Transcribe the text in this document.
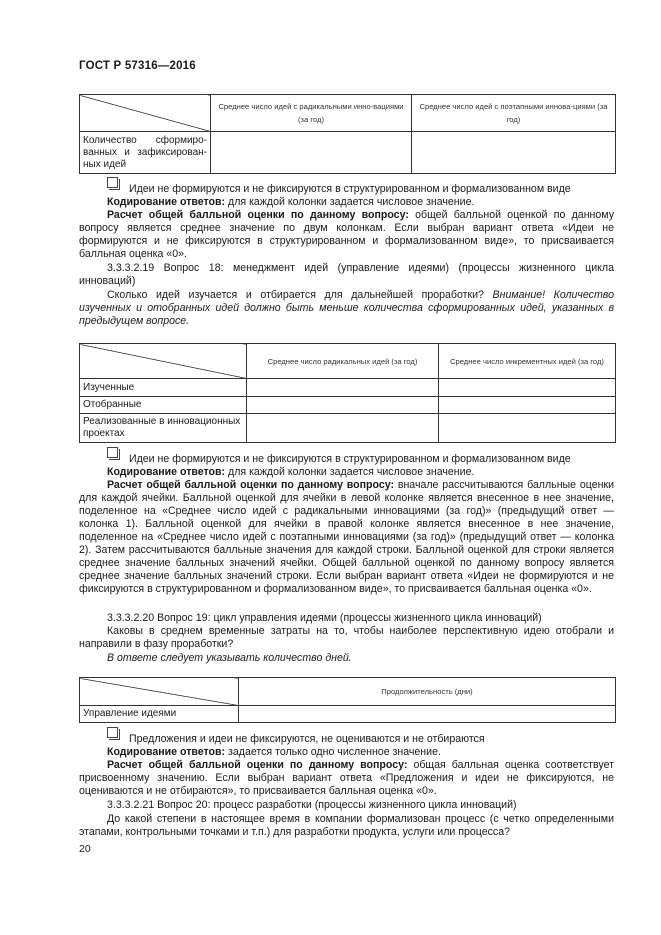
ГОСТ Р 57316—2016
	Среднее число идей с радикальными инно-вациями (за год)	Среднее число идей с поэтапными иннова-циями (за год)
Количество сформиро-ванных и зафиксирован-ных идей		
Идеи не формируются и не фиксируются в структурированном и формализованном виде

Кодирование ответов: для каждой колонки задается числовое значение.

Расчет общей балльной оценки по данному вопросу: общей балльной оценкой по данному вопросу является среднее значение по двум колонкам. Если выбран вариант ответа «Идеи не формируются и не фиксируются в структурированном и формализованном виде», то присваивается балльная оценка «0».

3.3.3.2.19 Вопрос 18: менеджмент идей (управление идеями) (процессы жизненного цикла инноваций)

Сколько идей изучается и отбирается для дальнейшей проработки? Внимание! Количество изученных и отобранных идей должно быть меньше количества сформированных идей, указанных в предыдущем вопросе.

	Среднее число радикальных идей (за год)	Среднее число инкрементных идей (за год)
Изученные		
Отобранные		
Реализованные в инновационных проектах		
Идеи не формируются и не фиксируются в структурированном и формализованном виде

Кодирование ответов: для каждой колонки задается числовое значение.

Расчет общей балльной оценки по данному вопросу: вначале рассчитываются балльные оценки для каждой ячейки. Балльной оценкой для ячейки в левой колонке является внесенное в нее значение, поделенное на «Среднее число идей с радикальными инновациями (за год)» (предыдущий ответ — колонка 1). Балльной оценкой для ячейки в правой колонке является внесенное в нее значение, поделенное на «Среднее число идей с поэтапными инновациями (за год)» (предыдущий ответ — колонка 2). Затем рассчитываются балльные значения для каждой строки. Балльной оценкой для строки является среднее значение балльных значений ячейки. Общей балльной оценкой по данному вопросу является среднее значение балльных значений строки. Если выбран вариант ответа «Идеи не формируются и не фиксируются в структурированном и формализованном виде», то присваивается балльная оценка «0».

3.3.3.2.20 Вопрос 19: цикл управления идеями (процессы жизненного цикла инноваций)

Каковы в среднем временные затраты на то, чтобы наиболее перспективную идею отобрали и направили в фазу проработки?

В ответе следует указывать количество дней.

	Продолжительность (дни)
Управление идеями	
Предложения и идеи не фиксируются, не оцениваются и не отбираются

Кодирование ответов: задается только одно численное значение.

Расчет общей балльной оценки по данному вопросу: общая балльная оценка соответствует присвоенному значению. Если выбран вариант ответа «Предложения и идеи не фиксируются, не оцениваются и не отбираются», то присваивается балльная оценка «0».

3.3.3.2.21 Вопрос 20: процесс разработки (процессы жизненного цикла инноваций)

До какой степени в настоящее время в компании формализован процесс (с четко определенными этапами, контрольными точками и т.п.) для разработки продукта, услуги или процесса?

20
